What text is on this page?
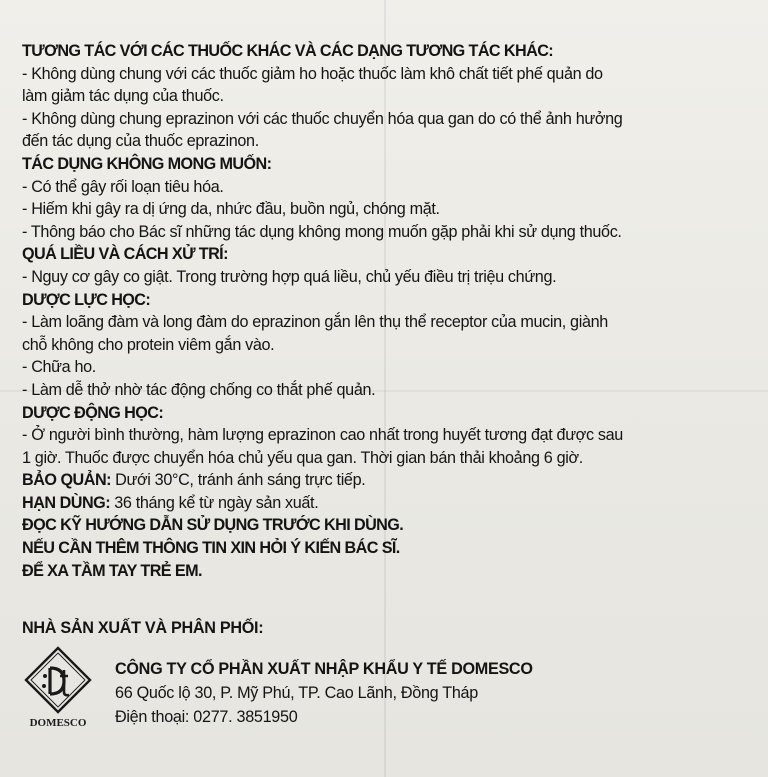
TƯƠNG TÁC VỚI CÁC THUỐC KHÁC VÀ CÁC DẠNG TƯƠNG TÁC KHÁC:
- Không dùng chung với các thuốc giảm ho hoặc thuốc làm khô chất tiết phế quản do
làm giảm tác dụng của thuốc.
- Không dùng chung eprazinon với các thuốc chuyển hóa qua gan do có thể ảnh hưởng
đến tác dụng của thuốc eprazinon.
TÁC DỤNG KHÔNG MONG MUỐN:
- Có thể gây rối loạn tiêu hóa.
- Hiếm khi gây ra dị ứng da, nhức đầu, buồn ngủ, chóng mặt.
- Thông báo cho Bác sĩ những tác dụng không mong muốn gặp phải khi sử dụng thuốc.
QUÁ LIỀU VÀ CÁCH XỬ TRÍ:
- Nguy cơ gây co giật. Trong trường hợp quá liều, chủ yếu điều trị triệu chứng.
DƯỢC LỰC HỌC:
- Làm loãng đàm và long đàm do eprazinon gắn lên thụ thể receptor của mucin, giành
chỗ không cho protein viêm gắn vào.
- Chữa ho.
- Làm dễ thở nhờ tác động chống co thắt phế quản.
DƯỢC ĐỘNG HỌC:
- Ở người bình thường, hàm lượng eprazinon cao nhất trong huyết tương đạt được sau
1 giờ. Thuốc được chuyển hóa chủ yếu qua gan. Thời gian bán thải khoảng 6 giờ.
BẢO QUẢN: Dưới 30°C, tránh ánh sáng trực tiếp.
HẠN DÙNG: 36 tháng kể từ ngày sản xuất.
ĐỌC KỸ HƯỚNG DẪN SỬ DỤNG TRƯỚC KHI DÙNG.
NẾU CẦN THÊM THÔNG TIN XIN HỎI Ý KIẾN BÁC SĨ.
ĐỂ XA TẦM TAY TRẺ EM.
NHÀ SẢN XUẤT VÀ PHÂN PHỐI:
DOMESCO
CÔNG TY CỔ PHẦN XUẤT NHẬP KHẨU Y TẾ DOMESCO
66 Quốc lộ 30, P. Mỹ Phú, TP. Cao Lãnh, Đồng Tháp
Điện thoại: 0277. 3851950
